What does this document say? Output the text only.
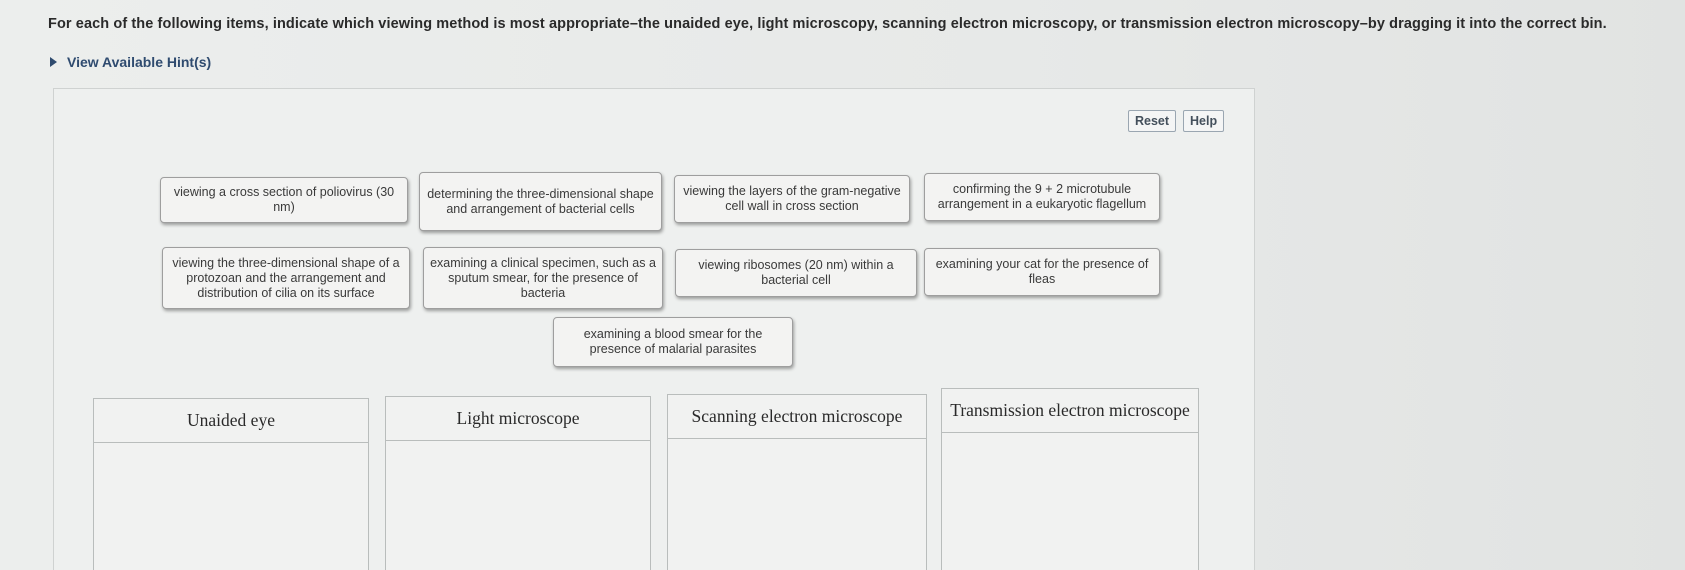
For each of the following items, indicate which viewing method is most appropriate–the unaided eye, light microscopy, scanning electron microscopy, or transmission electron microscopy–by dragging it into the correct bin.
View Available Hint(s)
Reset	Help
viewing a cross section of poliovirus (30 nm)
determining the three-dimensional shape and arrangement of bacterial cells
viewing the layers of the gram-negative cell wall in cross section
confirming the 9 + 2 microtubule arrangement in a eukaryotic flagellum
viewing the three-dimensional shape of a protozoan and the arrangement and distribution of cilia on its surface
examining a clinical specimen, such as a sputum smear, for the presence of bacteria
viewing ribosomes (20 nm) within a bacterial cell
examining your cat for the presence of fleas
examining a blood smear for the presence of malarial parasites
Unaided eye	Light microscope	Scanning electron microscope	Transmission electron microscope
